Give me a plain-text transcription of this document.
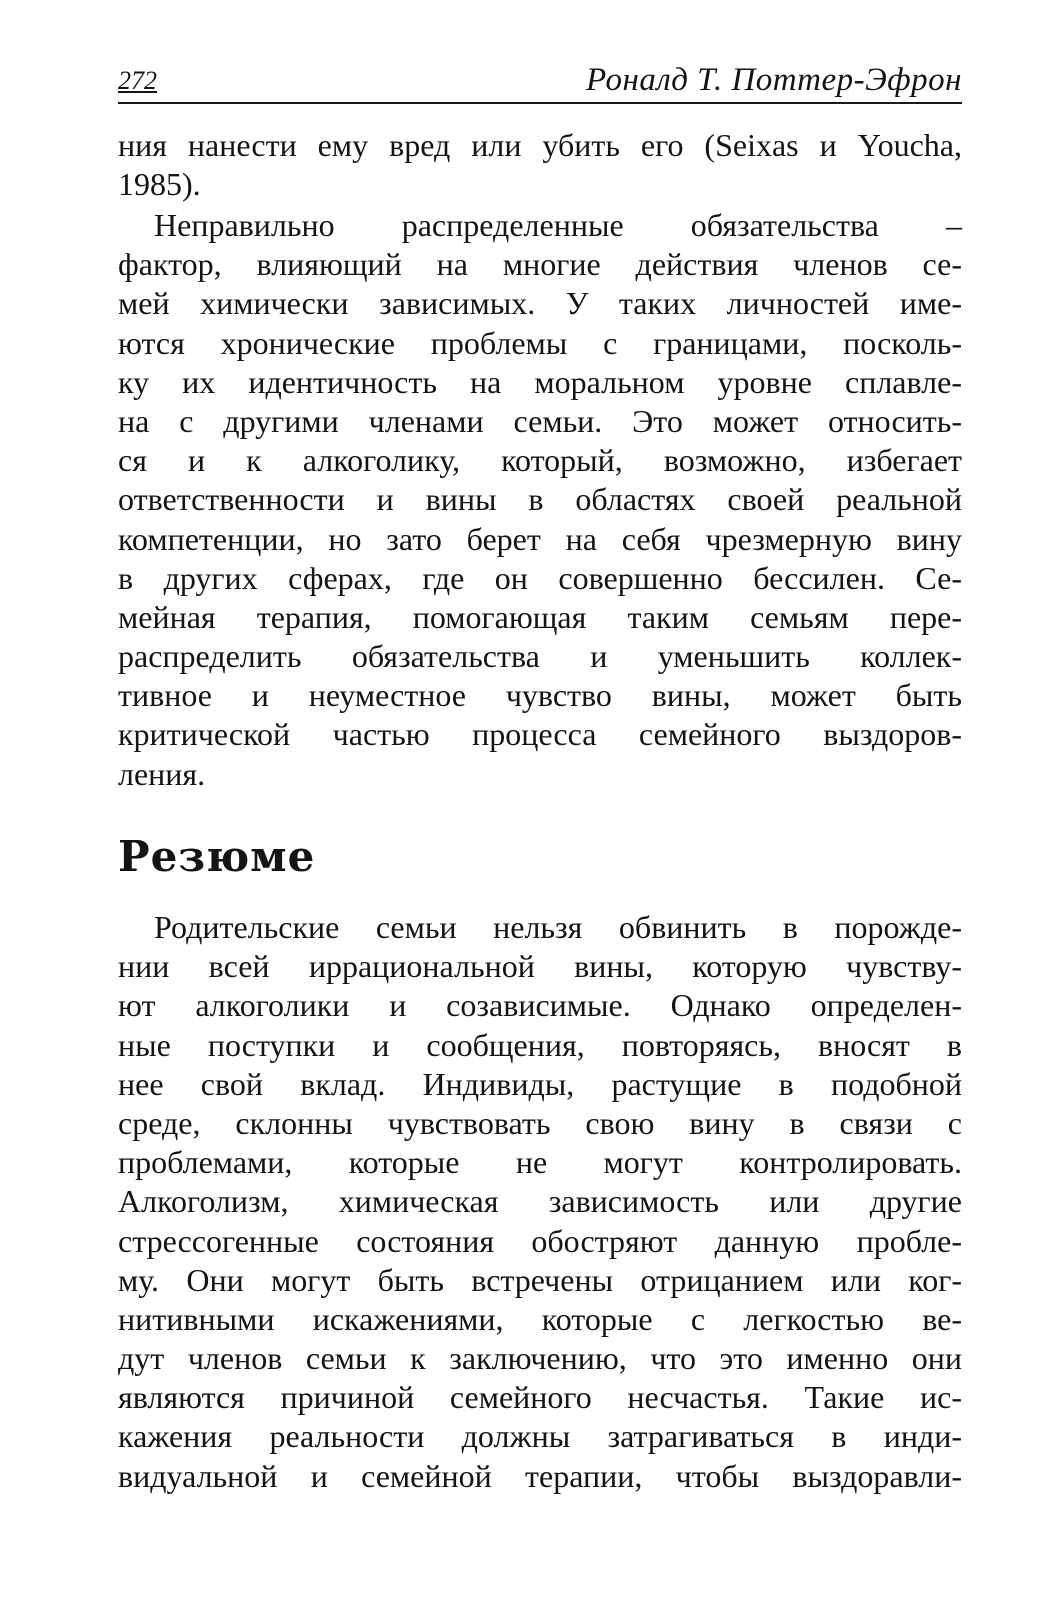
272	Роналд Т. Поттер-Эфрон
ния нанести ему вред или убить его (Seixas и Youcha,
1985).
Неправильно распределенные обязательства –
фактор, влияющий на многие действия членов се-
мей химически зависимых. У таких личностей име-
ются хронические проблемы с границами, посколь-
ку их идентичность на моральном уровне сплавле-
на с другими членами семьи. Это может относить-
ся и к алкоголику, который, возможно, избегает
ответственности и вины в областях своей реальной
компетенции, но зато берет на себя чрезмерную вину
в других сферах, где он совершенно бессилен. Се-
мейная терапия, помогающая таким семьям пере-
распределить обязательства и уменьшить коллек-
тивное и неуместное чувство вины, может быть
критической частью процесса семейного выздоров-
ления.
Резюме
Родительские семьи нельзя обвинить в порожде-
нии всей иррациональной вины, которую чувству-
ют алкоголики и созависимые. Однако определен-
ные поступки и сообщения, повторяясь, вносят в
нее свой вклад. Индивиды, растущие в подобной
среде, склонны чувствовать свою вину в связи с
проблемами, которые не могут контролировать.
Алкоголизм, химическая зависимость или другие
стрессогенные состояния обостряют данную пробле-
му. Они могут быть встречены отрицанием или ког-
нитивными искажениями, которые с легкостью ве-
дут членов семьи к заключению, что это именно они
являются причиной семейного несчастья. Такие ис-
кажения реальности должны затрагиваться в инди-
видуальной и семейной терапии, чтобы выздоравли-
